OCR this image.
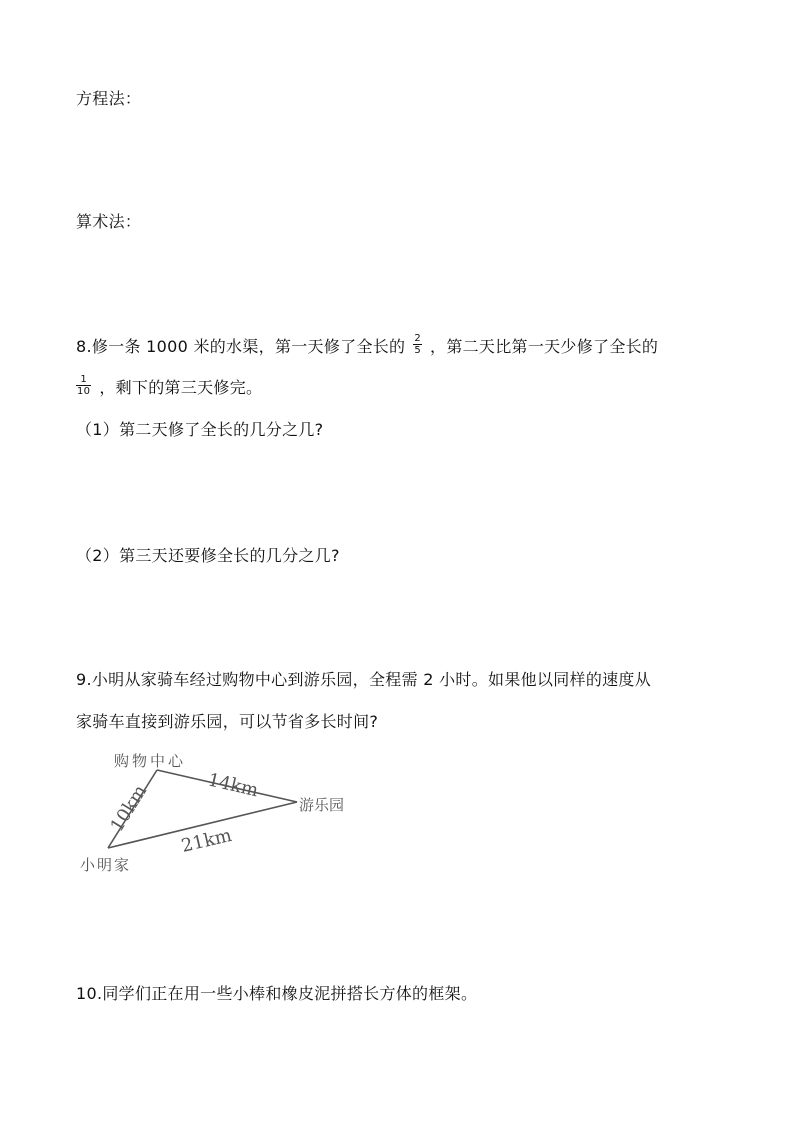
方程法：
算术法：
8.修一条 1000 米的水渠，第一天修了全长的 $\frac{2}{5}$ ，第二天比第一天少修了全长的
$\frac{1}{10}$ ，剩下的第三天修完。
（1）第二天修了全长的几分之几?
（2）第三天还要修全长的几分之几?
9.小明从家骑车经过购物中心到游乐园，全程需 2 小时。如果他以同样的速度从
家骑车直接到游乐园，可以节省多长时间?
购物中心
游乐园
小明家
14km
10km
21km
10.同学们正在用一些小棒和橡皮泥拼搭长方体的框架。
